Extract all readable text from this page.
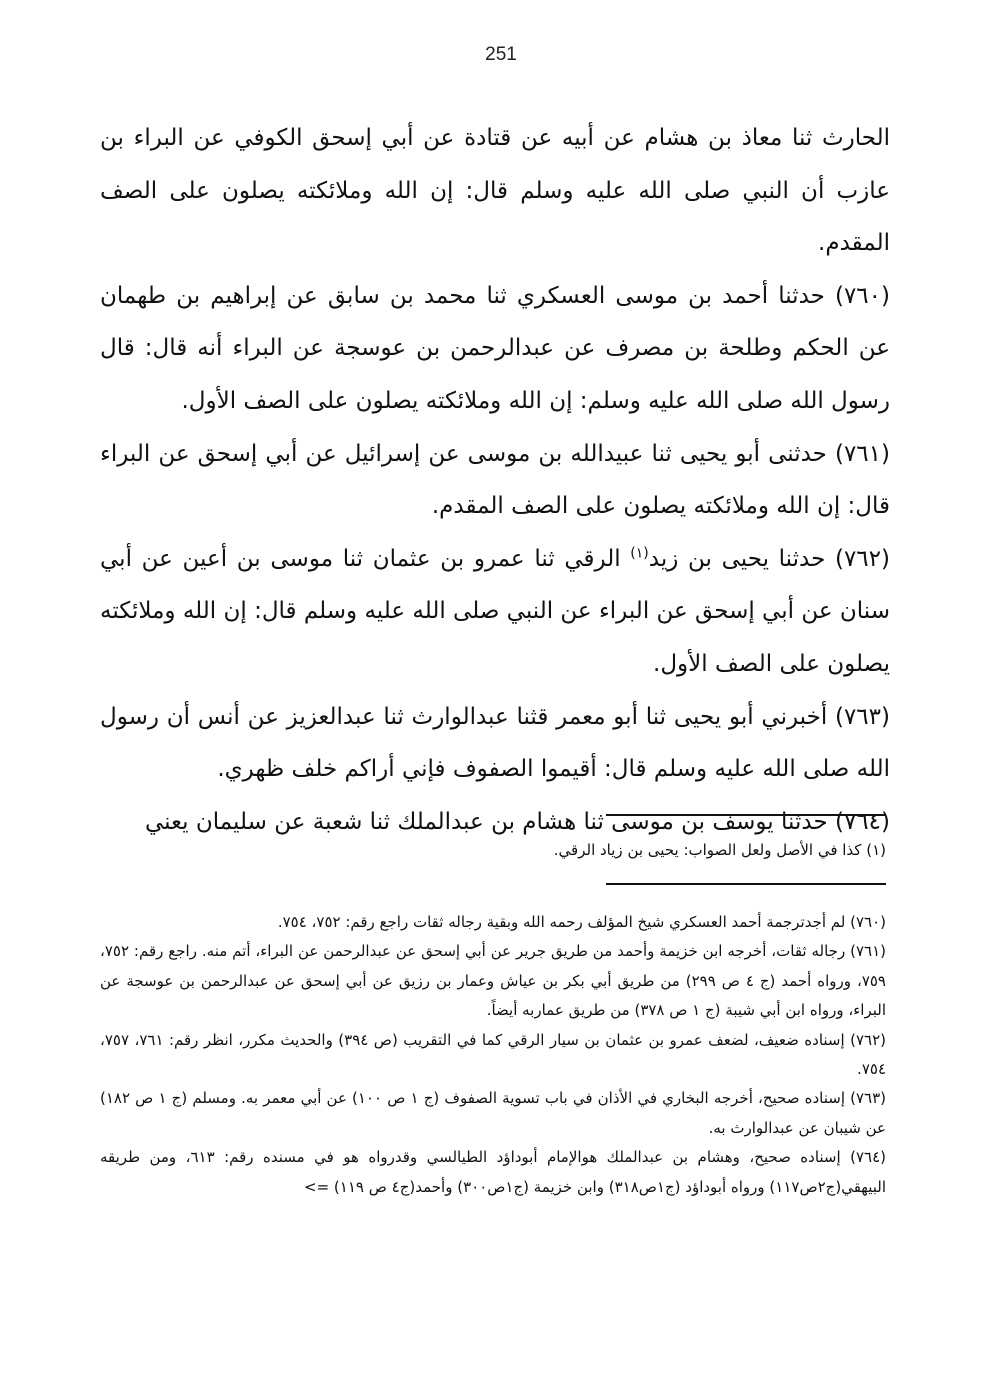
251

الحارث ثنا معاذ بن هشام عن أبيه عن قتادة عن أبي إسحق الكوفي عن البراء بن عازب أن النبي صلى الله عليه وسلم قال: إن الله وملائكته يصلون على الصف المقدم.

(٧٦٠) حدثنا أحمد بن موسى العسكري ثنا محمد بن سابق عن إبراهيم بن طهمان عن الحكم وطلحة بن مصرف عن عبدالرحمن بن عوسجة عن البراء أنه قال: قال رسول الله صلى الله عليه وسلم: إن الله وملائكته يصلون على الصف الأول.

(٧٦١) حدثنى أبو يحيى ثنا عبيدالله بن موسى عن إسرائيل عن أبي إسحق عن البراء قال: إن الله وملائكته يصلون على الصف المقدم.

(٧٦٢) حدثنا يحيى بن زيد$^{(١)}$ الرقي ثنا عمرو بن عثمان ثنا موسى بن أعين عن أبي سنان عن أبي إسحق عن البراء عن النبي صلى الله عليه وسلم قال: إن الله وملائكته يصلون على الصف الأول.

(٧٦٣) أخبرني أبو يحيى ثنا أبو معمر قثنا عبدالوارث ثنا عبدالعزيز عن أنس أن رسول الله صلى الله عليه وسلم قال: أقيموا الصفوف فإني أراكم خلف ظهري.

(٧٦٤) حدثنا يوسف بن موسى ثنا هشام بن عبدالملك ثنا شعبة عن سليمان يعني

(١) كذا في الأصل ولعل الصواب: يحيى بن زياد الرقي.

(٧٦٠) لم أجدترجمة أحمد العسكري شيخ المؤلف رحمه الله وبقية رجاله ثقات راجع رقم: ٧٥٢، ٧٥٤.

(٧٦١) رجاله ثقات، أخرجه ابن خزيمة وأحمد من طريق جرير عن أبي إسحق عن عبدالرحمن عن البراء، أتم منه. راجع رقم: ٧٥٢، ٧٥٩، ورواه أحمد (ج ٤ ص ٢٩٩) من طريق أبي بكر بن عياش وعمار بن رزيق عن أبي إسحق عن عبدالرحمن بن عوسجة عن البراء، ورواه ابن أبي شيبة (ج ١ ص ٣٧٨) من طريق عماربه أيضاً.

(٧٦٢) إسناده ضعيف، لضعف عمرو بن عثمان بن سيار الرقي كما في التقريب (ص ٣٩٤) والحديث مكرر، انظر رقم: ٧٦١، ٧٥٧، ٧٥٤.

(٧٦٣) إسناده صحيح، أخرجه البخاري في الأذان في باب تسوية الصفوف (ج ١ ص ١٠٠) عن أبي معمر به. ومسلم (ج ١ ص ١٨٢) عن شيبان عن عبدالوارث به.

(٧٦٤) إسناده صحيح، وهشام بن عبدالملك هوالإمام أبوداؤد الطيالسي وقدرواه هو في مسنده رقم: ٦١٣، ومن طريقه البيهقي(ج٢ص١١٧) ورواه أبوداؤد (ج١ص٣١٨) وابن خزيمة (ج١ص٣٠٠) وأحمد(ج٤ ص ١١٩) =>
